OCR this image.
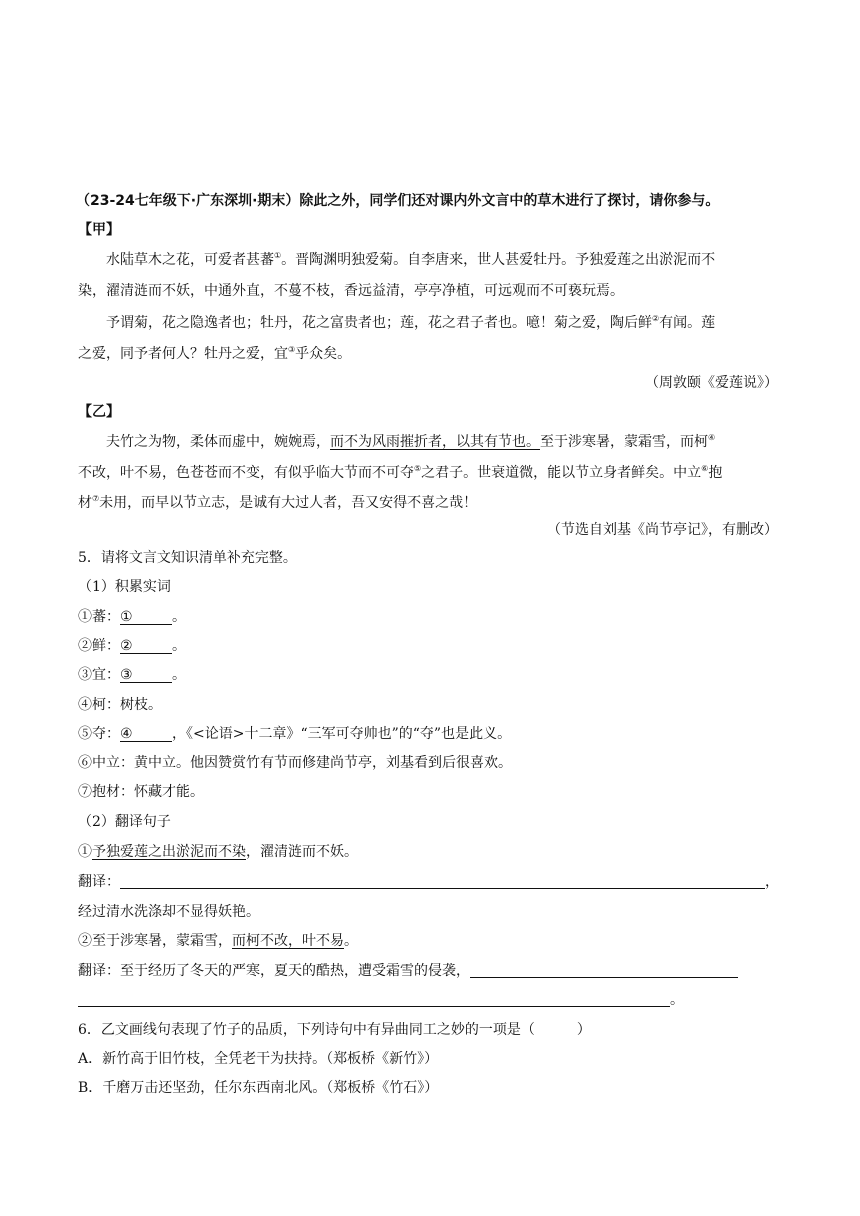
（23-24七年级下·广东深圳·期末）除此之外，同学们还对课内外文言中的草木进行了探讨，请你参与。
【甲】
水陆草木之花，可爱者甚蕃①。晋陶渊明独爱菊。自李唐来，世人甚爱牡丹。予独爱莲之出淤泥而不
染，濯清涟而不妖，中通外直，不蔓不枝，香远益清，亭亭净植，可远观而不可亵玩焉。
予谓菊，花之隐逸者也；牡丹，花之富贵者也；莲，花之君子者也。噫！菊之爱，陶后鲜②有闻。莲
之爱，同予者何人？牡丹之爱，宜③乎众矣。
（周敦颐《爱莲说》）
【乙】
夫竹之为物，柔体而虚中，婉婉焉，而不为风雨摧折者，以其有节也。至于涉寒暑，蒙霜雪，而柯④
不改，叶不易，色苍苍而不变，有似乎临大节而不可夺⑤之君子。世衰道微，能以节立身者鲜矣。中立⑥抱
材⑦未用，而早以节立志，是诚有大过人者，吾又安得不喜之哉！
（节选自刘基《尚节亭记》，有删改）
5．请将文言文知识清单补充完整。
（1）积累实词
①蕃：①	。
②鲜：②	。
③宜：③	。
④柯：树枝。
⑤夺：④	，《<论语>十二章》“三军可夺帅也”的“夺”也是此义。
⑥中立：黄中立。他因赞赏竹有节而修建尚节亭，刘基看到后很喜欢。
⑦抱材：怀藏才能。
（2）翻译句子
①予独爱莲之出淤泥而不染，濯清涟而不妖。
翻译：	，
经过清水洗涤却不显得妖艳。
②至于涉寒暑，蒙霜雪，而柯不改，叶不易。
翻译：至于经历了冬天的严寒，夏天的酷热，遭受霜雪的侵袭，
。
6．乙文画线句表现了竹子的品质，下列诗句中有异曲同工之妙的一项是（　　　）
A．新竹高于旧竹枝，全凭老干为扶持。（郑板桥《新竹》）
B．千磨万击还坚劲，任尔东西南北风。（郑板桥《竹石》）
